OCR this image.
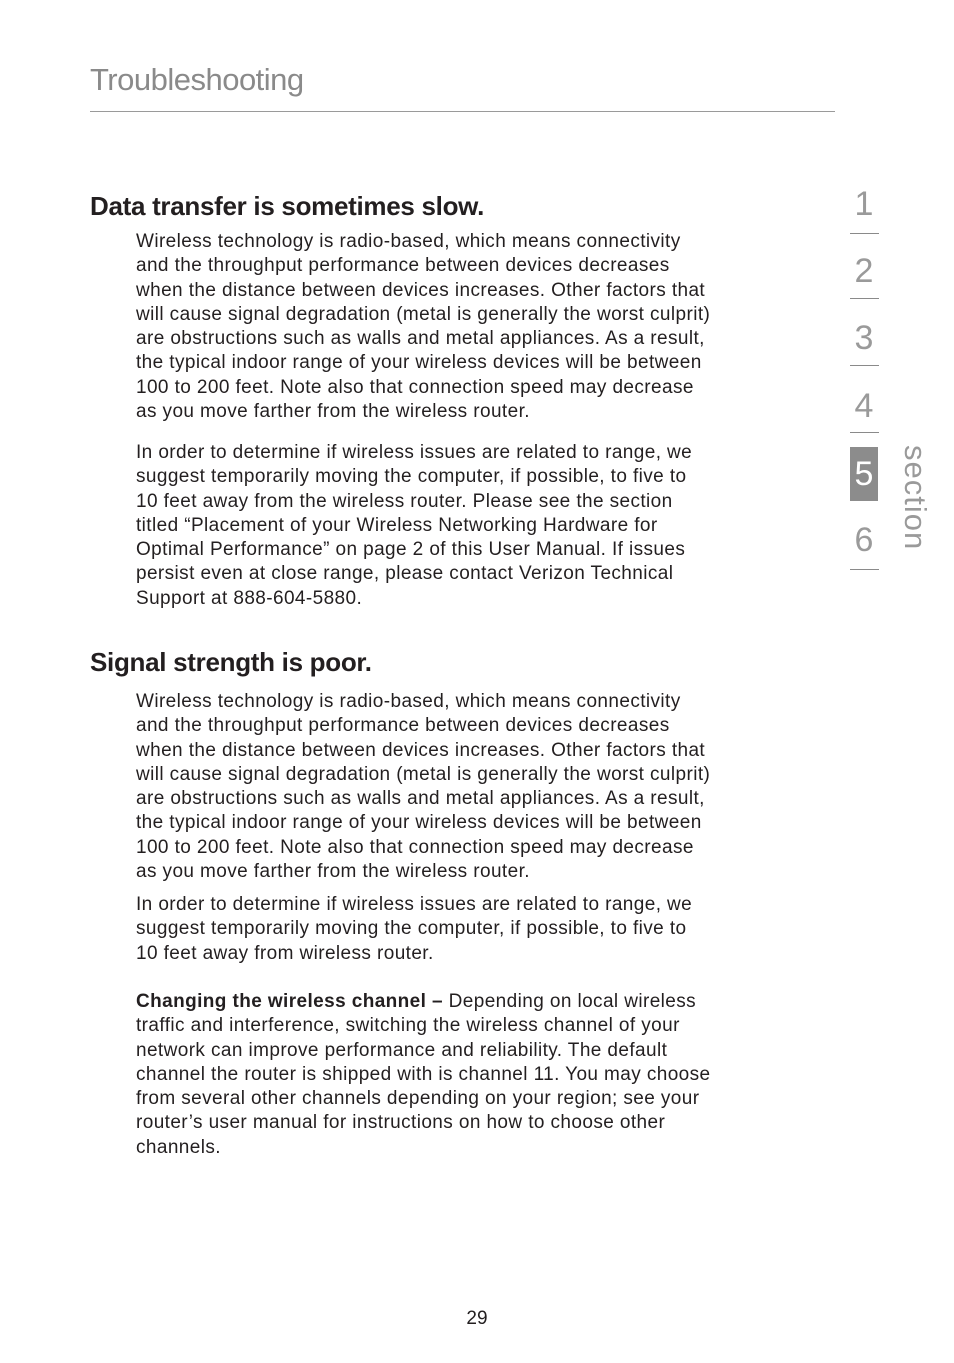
Troubleshooting
Data transfer is sometimes slow.

Wireless technology is radio-based, which means connectivity
and the throughput performance between devices decreases
when the distance between devices increases. Other factors that
will cause signal degradation (metal is generally the worst culprit)
are obstructions such as walls and metal appliances. As a result,
the typical indoor range of your wireless devices will be between
100 to 200 feet. Note also that connection speed may decrease
as you move farther from the wireless router.

In order to determine if wireless issues are related to range, we
suggest temporarily moving the computer, if possible, to five to
10 feet away from the wireless router. Please see the section
titled “Placement of your Wireless Networking Hardware for
Optimal Performance” on page 2 of this User Manual. If issues
persist even at close range, please contact Verizon Technical
Support at 888-604-5880.

Signal strength is poor.

Wireless technology is radio-based, which means connectivity
and the throughput performance between devices decreases
when the distance between devices increases. Other factors that
will cause signal degradation (metal is generally the worst culprit)
are obstructions such as walls and metal appliances. As a result,
the typical indoor range of your wireless devices will be between
100 to 200 feet. Note also that connection speed may decrease
as you move farther from the wireless router.

In order to determine if wireless issues are related to range, we
suggest temporarily moving the computer, if possible, to five to
10 feet away from wireless router.

Changing the wireless channel – Depending on local wireless
traffic and interference, switching the wireless channel of your
network can improve performance and reliability. The default
channel the router is shipped with is channel 11. You may choose
from several other channels depending on your region; see your
router’s user manual for instructions on how to choose other
channels.

1
2
3
4
5
6 section
29
